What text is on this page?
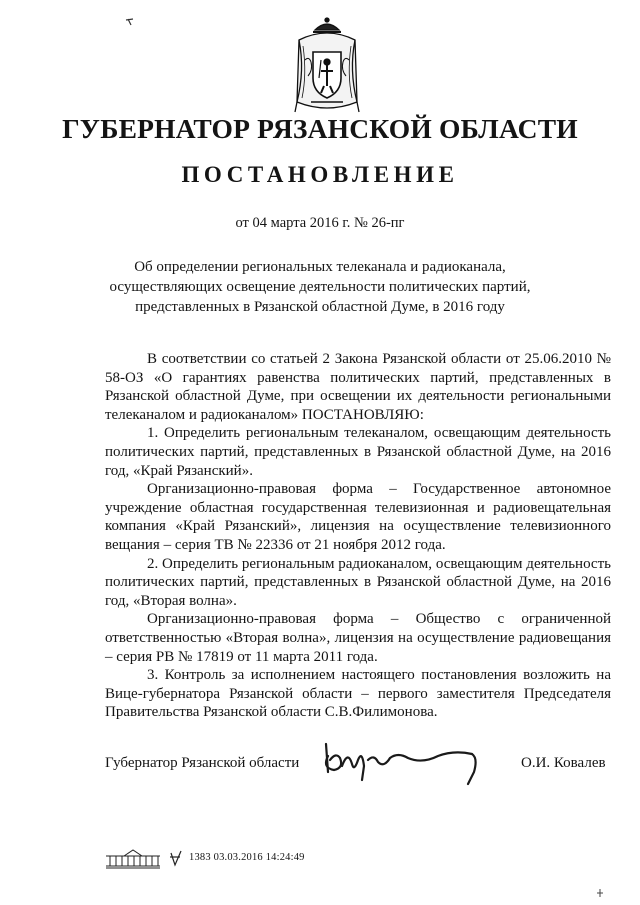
ГУБЕРНАТОР РЯЗАНСКОЙ ОБЛАСТИ
ПОСТАНОВЛЕНИЕ
от 04 марта 2016 г. № 26-пг
Об определении региональных телеканала и радиоканала,
осуществляющих освещение деятельности политических партий,
представленных в Рязанской областной Думе, в 2016 году

В соответствии со статьей 2 Закона Рязанской области от 25.06.2010 № 58-ОЗ «О гарантиях равенства политических партий, представленных в Рязанской областной Думе, при освещении их деятельности региональными телеканалом и радиоканалом» ПОСТАНОВЛЯЮ:

1. Определить региональным телеканалом, освещающим деятельность политических партий, представленных в Рязанской областной Думе, на 2016 год, «Край Рязанский».

Организационно-правовая форма – Государственное автономное учреждение областная государственная телевизионная и радиовещательная компания «Край Рязанский», лицензия на осуществление телевизионного вещания – серия ТВ № 22336 от 21 ноября 2012 года.

2. Определить региональным радиоканалом, освещающим деятельность политических партий, представленных в Рязанской областной Думе, на 2016 год, «Вторая волна».

Организационно-правовая форма – Общество с ограниченной ответственностью «Вторая волна», лицензия на осуществление радиовещания – серия РВ № 17819 от 11 марта 2011 года.

3. Контроль за исполнением настоящего постановления возложить на Вице-губернатора Рязанской области – первого заместителя Председателя Правительства Рязанской области С.В.Филимонова.

Губернатор Рязанской области	О.И. Ковалев
1383 03.03.2016 14:24:49
